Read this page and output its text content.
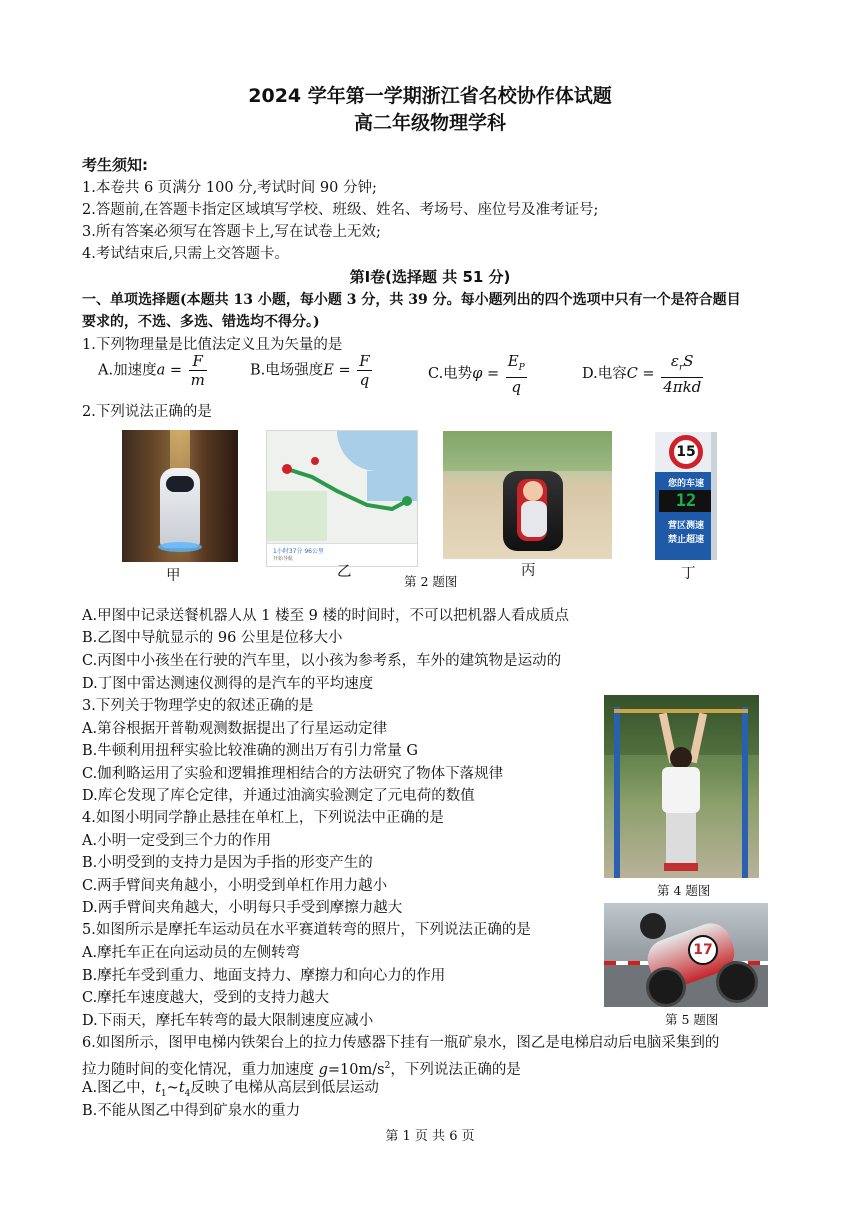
2024 学年第一学期浙江省名校协作体试题
高二年级物理学科
考生须知:
1.本卷共 6 页满分 100 分,考试时间 90 分钟;
2.答题前,在答题卡指定区域填写学校、班级、姓名、考场号、座位号及准考证号;
3.所有答案必须写在答题卡上,写在试卷上无效;
4.考试结束后,只需上交答题卡。
第Ⅰ卷(选择题 共 51 分)
一、单项选择题(本题共 13 小题，每小题 3 分，共 39 分。每小题列出的四个选项中只有一个是符合题目
要求的，不选、多选、错选均不得分。)
1.下列物理量是比值法定义且为矢量的是
A.加速度$a = \frac{F}{m}$	B.电场强度$E = \frac{F}{q}$	C.电势$\varphi = \frac{E_P}{q}$	D.电容$C = \frac{\varepsilon_rS}{\text{4πkd}}$
2.下列说法正确的是
甲
1小时37分 96公里
开始导航
乙	丙
15
您的车速
12
营区测速
禁止超速
丁
第 2 题图
A.甲图中记录送餐机器人从 1 楼至 9 楼的时间时，不可以把机器人看成质点
B.乙图中导航显示的 96 公里是位移大小
C.丙图中小孩坐在行驶的汽车里，以小孩为参考系，车外的建筑物是运动的
D.丁图中雷达测速仪测得的是汽车的平均速度
3.下列关于物理学史的叙述正确的是
A.第谷根据开普勒观测数据提出了行星运动定律
B.牛顿利用扭秤实验比较准确的测出万有引力常量 G
C.伽利略运用了实验和逻辑推理相结合的方法研究了物体下落规律
D.库仑发现了库仑定律，并通过油滴实验测定了元电荷的数值
4.如图小明同学静止悬挂在单杠上，下列说法中正确的是
A.小明一定受到三个力的作用
B.小明受到的支持力是因为手指的形变产生的
C.两手臂间夹角越小，小明受到单杠作用力越小
D.两手臂间夹角越大，小明每只手受到摩擦力越大
第 4 题图
5.如图所示是摩托车运动员在水平赛道转弯的照片，下列说法正确的是
A.摩托车正在向运动员的左侧转弯
B.摩托车受到重力、地面支持力、摩擦力和向心力的作用
C.摩托车速度越大，受到的支持力越大
D.下雨天，摩托车转弯的最大限制速度应减小
17
第 5 题图
6.如图所示，图甲电梯内铁架台上的拉力传感器下挂有一瓶矿泉水，图乙是电梯启动后电脑采集到的
拉力随时间的变化情况，重力加速度 $g=10m/s^2$，下列说法正确的是
A.图乙中，$t_1\sim t_4$反映了电梯从高层到低层运动
B.不能从图乙中得到矿泉水的重力
第 1 页 共 6 页
